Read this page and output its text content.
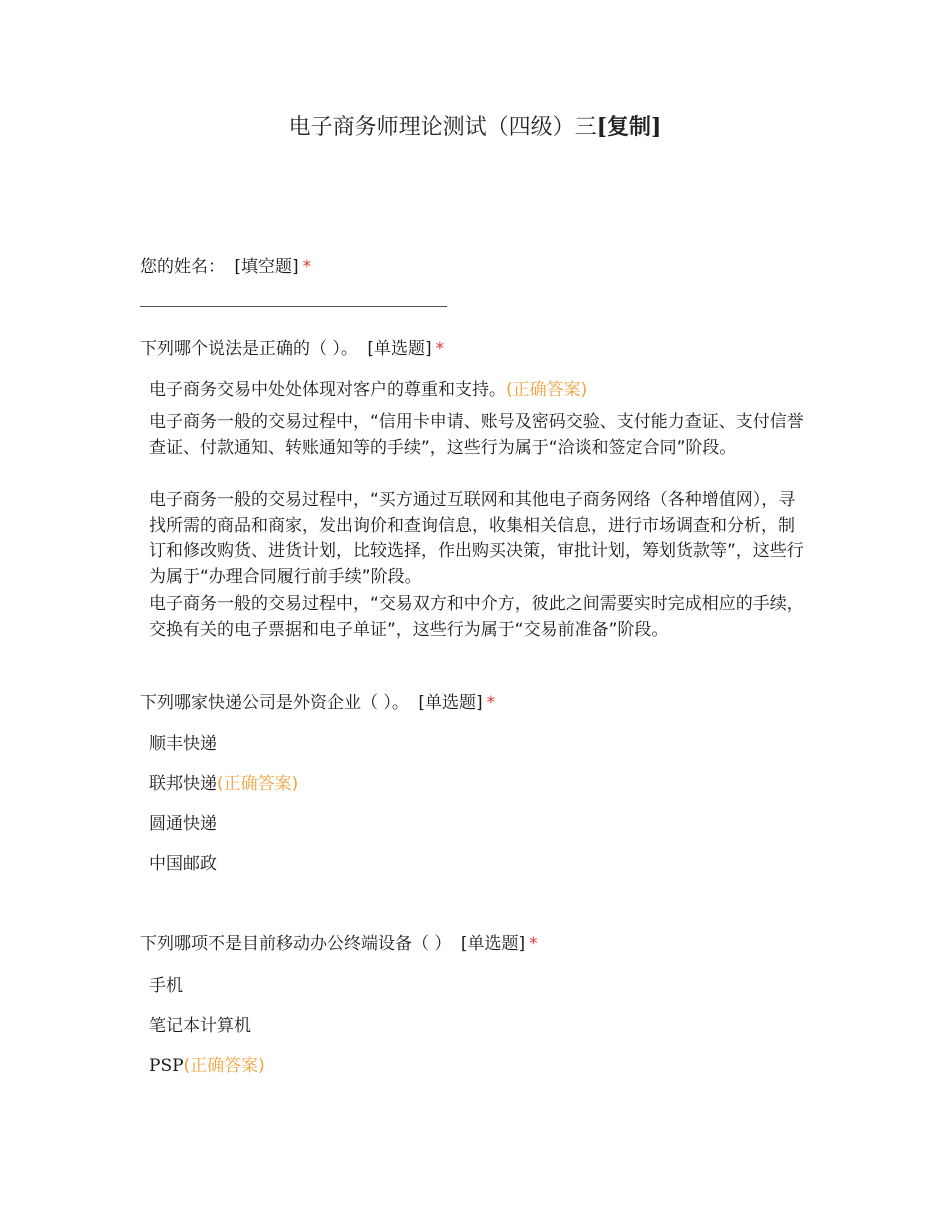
电子商务师理论测试（四级）三[复制]
您的姓名： [填空题] *
下列哪个说法是正确的（ ）。 [单选题] *
电子商务交易中处处体现对客户的尊重和支持。(正确答案)
电子商务一般的交易过程中，“信用卡申请、账号及密码交验、支付能力查证、支付信誉查证、付款通知、转账通知等的手续”，这些行为属于“洽谈和签定合同”阶段。
电子商务一般的交易过程中，“买方通过互联网和其他电子商务网络（各种增值网），寻找所需的商品和商家，发出询价和查询信息，收集相关信息，进行市场调查和分析，制订和修改购货、进货计划，比较选择，作出购买决策，审批计划，筹划货款等”，这些行为属于“办理合同履行前手续”阶段。
电子商务一般的交易过程中，“交易双方和中介方，彼此之间需要实时完成相应的手续，交换有关的电子票据和电子单证”，这些行为属于“交易前准备”阶段。
下列哪家快递公司是外资企业（ ）。 [单选题] *
顺丰快递
联邦快递(正确答案)
圆通快递
中国邮政
下列哪项不是目前移动办公终端设备（ ） [单选题] *
手机
笔记本计算机
PSP(正确答案)
